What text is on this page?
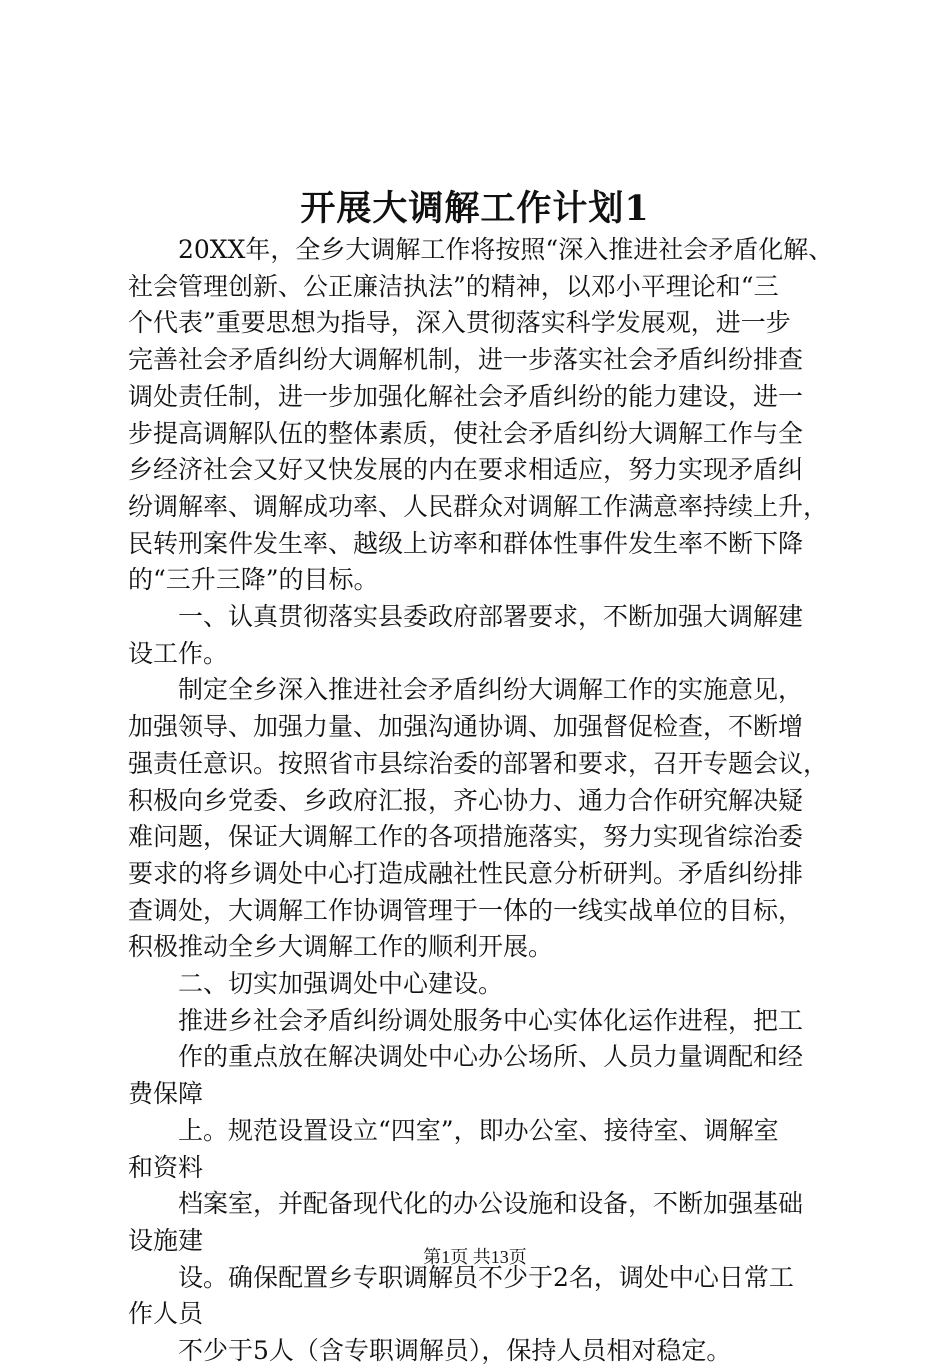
开展大调解工作计划1
　　20XX年，全乡大调解工作将按照“深入推进社会矛盾化解、
社会管理创新、公正廉洁执法”的精神，以邓小平理论和“三
个代表”重要思想为指导，深入贯彻落实科学发展观，进一步
完善社会矛盾纠纷大调解机制，进一步落实社会矛盾纠纷排查
调处责任制，进一步加强化解社会矛盾纠纷的能力建设，进一
步提高调解队伍的整体素质，使社会矛盾纠纷大调解工作与全
乡经济社会又好又快发展的内在要求相适应，努力实现矛盾纠
纷调解率、调解成功率、人民群众对调解工作满意率持续上升，
民转刑案件发生率、越级上访率和群体性事件发生率不断下降
的“三升三降”的目标。
　　一、认真贯彻落实县委政府部署要求，不断加强大调解建
设工作。
　　制定全乡深入推进社会矛盾纠纷大调解工作的实施意见，
加强领导、加强力量、加强沟通协调、加强督促检查，不断增
强责任意识。按照省市县综治委的部署和要求，召开专题会议，
积极向乡党委、乡政府汇报，齐心协力、通力合作研究解决疑
难问题，保证大调解工作的各项措施落实，努力实现省综治委
要求的将乡调处中心打造成融社性民意分析研判。矛盾纠纷排
查调处，大调解工作协调管理于一体的一线实战单位的目标，
积极推动全乡大调解工作的顺利开展。
　　二、切实加强调处中心建设。
　　推进乡社会矛盾纠纷调处服务中心实体化运作进程，把工
　　作的重点放在解决调处中心办公场所、人员力量调配和经
费保障
　　上。规范设置设立“四室”，即办公室、接待室、调解室
和资料
　　档案室，并配备现代化的办公设施和设备，不断加强基础
设施建
　　设。确保配置乡专职调解员不少于2名，调处中心日常工
作人员
　　不少于5人（含专职调解员），保持人员相对稳定。
第1页 共13页
